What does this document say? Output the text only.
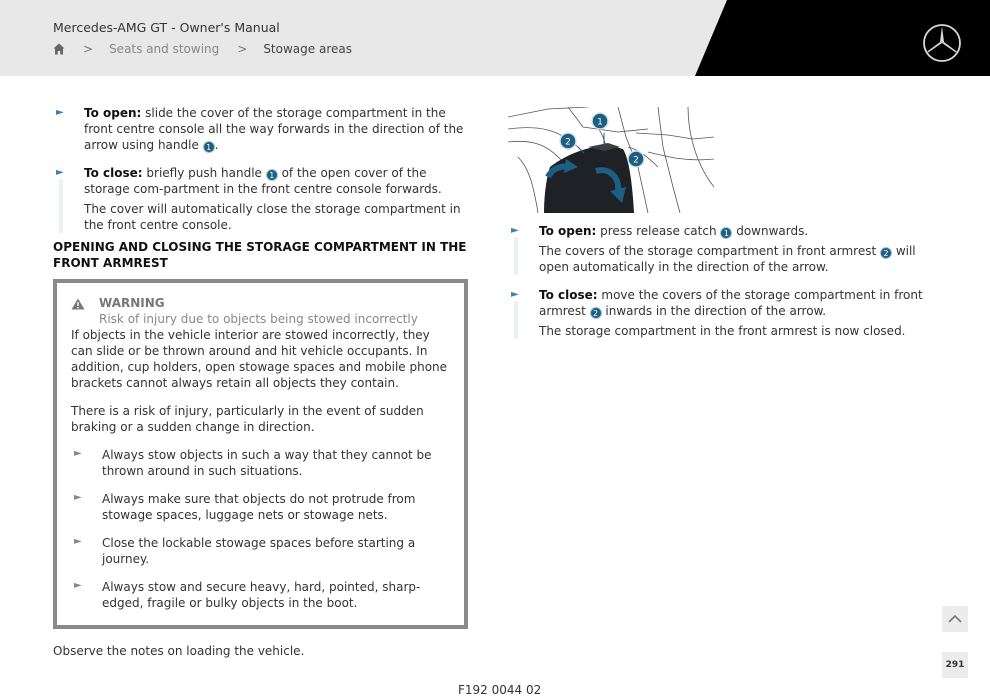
Mercedes-AMG GT - Owner's Manual
> Seats and stowing > Stowage areas
► To open: slide the cover of the storage compartment in the front centre console all the way forwards in the direction of the arrow using handle 1 .

► To close: briefly push handle 1 of the open cover of the storage com-partment in the front centre console forwards.

The cover will automatically close the storage compartment in the front centre console.

OPENING AND CLOSING THE STORAGE COMPARTMENT IN THE FRONT ARMREST
WARNING
Risk of injury due to objects being stowed incorrectly

If objects in the vehicle interior are stowed incorrectly, they can slide or be thrown around and hit vehicle occupants. In addition, cup holders, open stowage spaces and mobile phone brackets cannot always retain all objects they contain.

There is a risk of injury, particularly in the event of sudden braking or a sudden change in direction.

► Always stow objects in such a way that they cannot be thrown around in such situations.

► Always make sure that objects do not protrude from stowage spaces, luggage nets or stowage nets.

► Close the lockable stowage spaces before starting a journey.

► Always stow and secure heavy, hard, pointed, sharp-edged, fragile or bulky objects in the boot.

Observe the notes on loading the vehicle.

1
2
2
► To open: press release catch 1 downwards.

The covers of the storage compartment in front armrest 2 will open automatically in the direction of the arrow.

► To close: move the covers of the storage compartment in front armrest 2 inwards in the direction of the arrow.

The storage compartment in the front armrest is now closed.

291
F192 0044 02
